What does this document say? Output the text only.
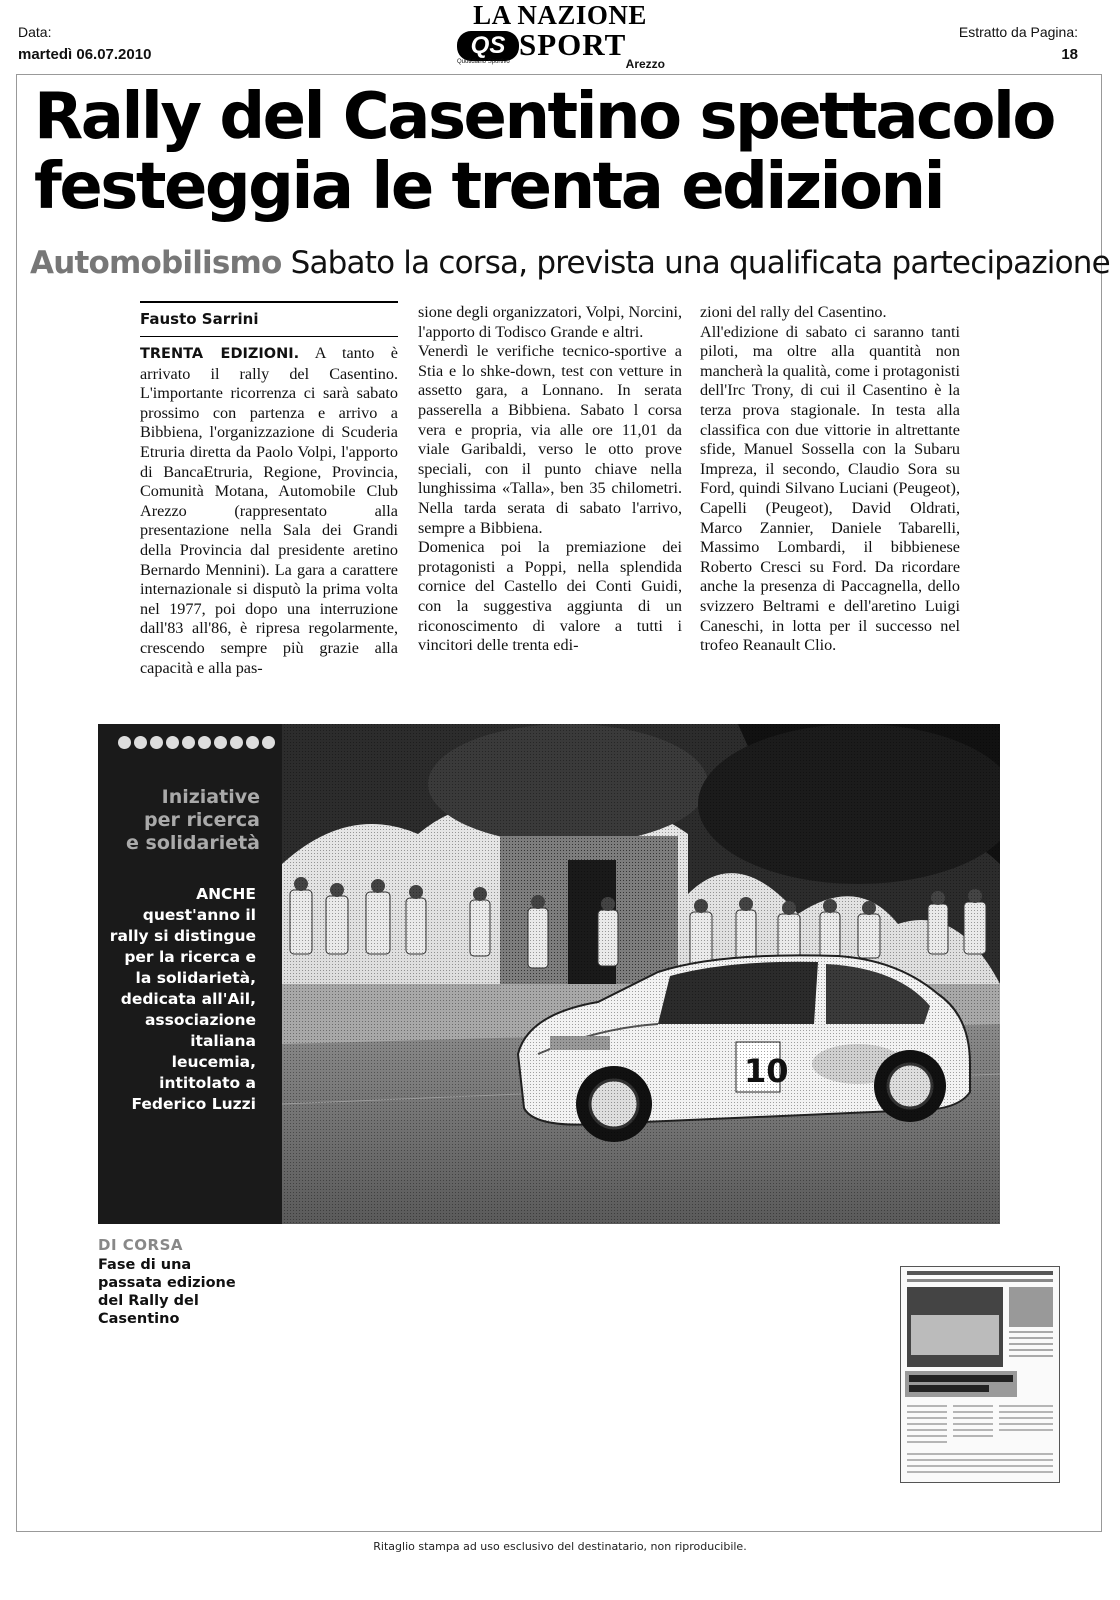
Data:
martedì 06.07.2010
Estratto da Pagina:
18
LA NAZIONE
QS SPORT
Quotidiano Sportivo	Arezzo
Rally del Casentino spettacolo
festeggia le trenta edizioni
Automobilismo Sabato la corsa, prevista una qualificata partecipazione
Fausto Sarrini

TRENTA EDIZIONI. A tanto è arrivato il rally del Casentino. L'importante ricorrenza ci sarà sabato prossimo con partenza e arrivo a Bibbiena, l'organizzazione di Scuderia Etruria diretta da Paolo Volpi, l'apporto di BancaEtruria, Regione, Provincia, Comunità Motana, Automobile Club Arezzo (rappresentato alla presentazione nella Sala dei Grandi della Provincia dal presidente aretino Bernardo Mennini). La gara a carattere internazionale si disputò la prima volta nel 1977, poi dopo una interruzione dall'83 all'86, è ripresa regolarmente, crescendo sempre più grazie alla capacità e alla pas-

sione degli organizzatori, Volpi, Norcini, l'apporto di Todisco Grande e altri.

Venerdì le verifiche tecnico-sportive a Stia e lo shke-down, test con vetture in assetto gara, a Lonnano. In serata passerella a Bibbiena. Sabato l corsa vera e propria, via alle ore 11,01 da viale Garibaldi, verso le otto prove speciali, con il punto chiave nella lunghissima «Talla», ben 35 chilometri. Nella tarda serata di sabato l'arrivo, sempre a Bibbiena.

Domenica poi la premiazione dei protagonisti a Poppi, nella splendida cornice del Castello dei Conti Guidi, con la suggestiva aggiunta di un riconoscimento di valore a tutti i vincitori delle trenta edi-

zioni del rally del Casentino.

All'edizione di sabato ci saranno tanti piloti, ma oltre alla quantità non mancherà la qualità, come i protagonisti dell'Irc Trony, di cui il Casentino è la terza prova stagionale. In testa alla classifica con due vittorie in altrettante sfide, Manuel Sossella con la Subaru Impreza, il secondo, Claudio Sora su Ford, quindi Silvano Luciani (Peugeot), Capelli (Peugeot), David Oldrati, Marco Zannier, Daniele Tabarelli, Massimo Lombardi, il bibbienese Roberto Cresci su Ford. Da ricordare anche la presenza di Paccagnella, dello svizzero Beltrami e dell'aretino Luigi Caneschi, in lotta per il successo nel trofeo Reanault Clio.

Iniziative
per ricerca
e solidarietà
ANCHE quest'anno il rally si distingue per la ricerca e la solidarietà, dedicata all'Ail, associazione italiana leucemia, intitolato a Federico Luzzi
DI CORSA
Fase di una passata edizione del Rally del Casentino
Ritaglio stampa ad uso esclusivo del destinatario, non riproducibile.
